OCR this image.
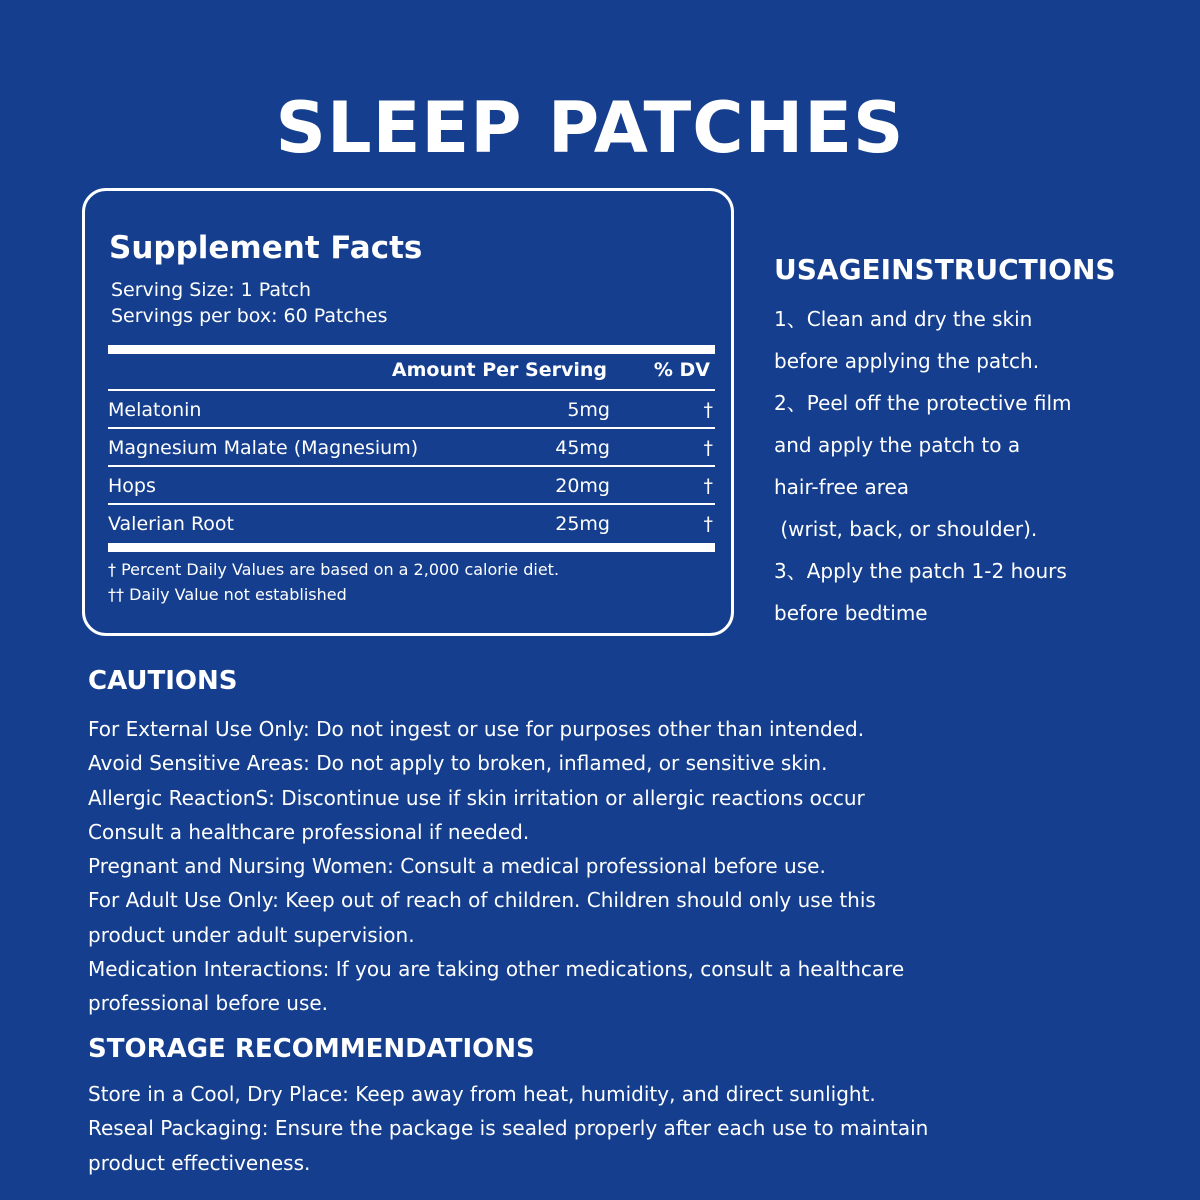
SLEEP PATCHES
Supplement Facts
Serving Size: 1 Patch
Servings per box: 60 Patches
Amount Per Serving % DV
Melatonin	5mg	†
Magnesium Malate (Magnesium)	45mg	†
Hops	20mg	†
Valerian Root	25mg	†
† Percent Daily Values are based on a 2,000 calorie diet.
†† Daily Value not established
USAGEINSTRUCTIONS
1、Clean and dry the skin
before applying the patch.
2、Peel off the protective film
and apply the patch to a
hair-free area
(wrist, back, or shoulder).
3、Apply the patch 1-2 hours
before bedtime
CAUTIONS
For External Use Only: Do not ingest or use for purposes other than intended.
Avoid Sensitive Areas: Do not apply to broken, inflamed, or sensitive skin.
Allergic ReactionS: Discontinue use if skin irritation or allergic reactions occur
Consult a healthcare professional if needed.
Pregnant and Nursing Women: Consult a medical professional before use.
For Adult Use Only: Keep out of reach of children. Children should only use this
product under adult supervision.
Medication Interactions: If you are taking other medications, consult a healthcare
professional before use.
STORAGE RECOMMENDATIONS
Store in a Cool, Dry Place: Keep away from heat, humidity, and direct sunlight.
Reseal Packaging: Ensure the package is sealed properly after each use to maintain
product effectiveness.
